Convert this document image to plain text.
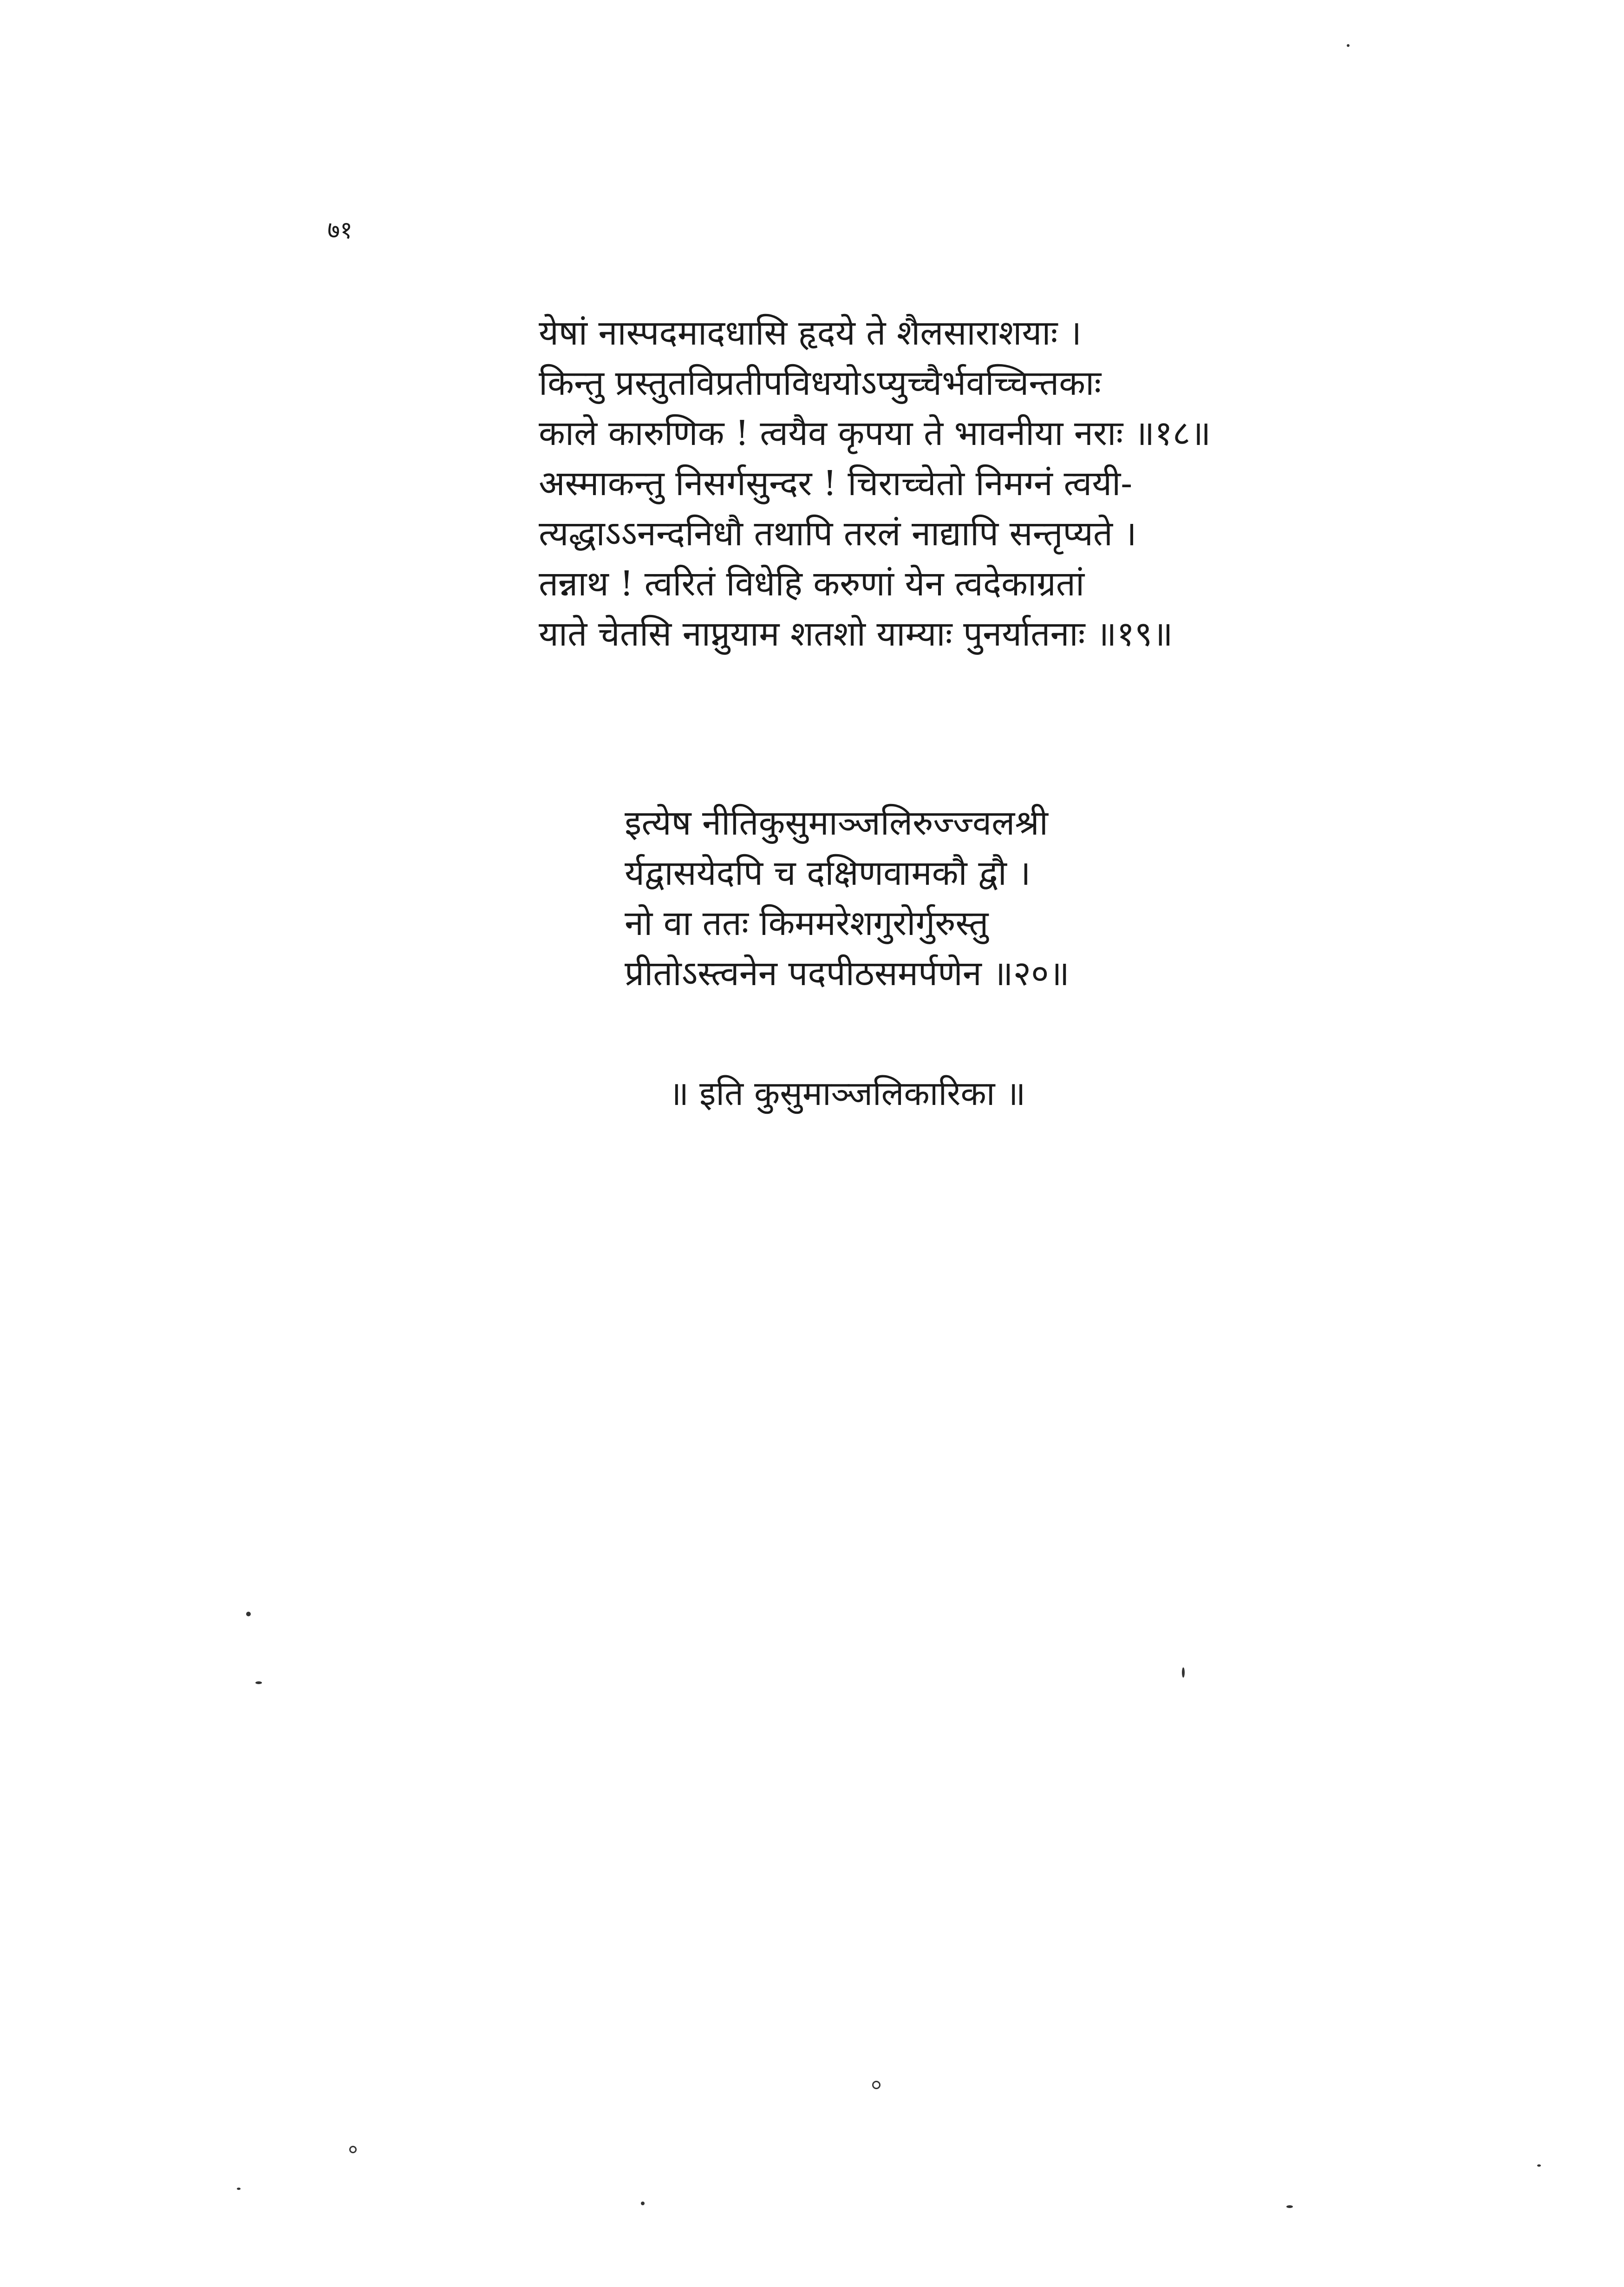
७१

येषां नास्पदमादधासि हृदये ते शैलसाराशयाः ।

किन्तु प्रस्तुतविप्रतीपविधयोऽप्युच्चैर्भवच्चिन्तकाः

काले कारुणिक ! त्वयैव कृपया ते भावनीया नराः ॥१८॥

अस्माकन्तु निसर्गसुन्दर ! चिराच्चेतो निमग्नं त्वयी-

त्यद्धाऽऽनन्दनिधौ तथापि तरलं नाद्यापि सन्तृप्यते ।

तन्नाथ ! त्वरितं विधेहि करुणां येन त्वदेकाग्रतां

याते चेतसि नाप्नुयाम शतशो याम्याः पुनर्यातनाः ॥१९॥

इत्येष नीतिकुसुमाञ्जलिरुज्ज्वलश्री

र्यद्वासयेदपि च दक्षिणवामकौ द्वौ ।

नो वा ततः किममरेशगुरोर्गुरुस्तु

प्रीतोऽस्त्वनेन पदपीठसमर्पणेन ॥२०॥

॥ इति कुसुमाञ्जलिकारिका ॥
